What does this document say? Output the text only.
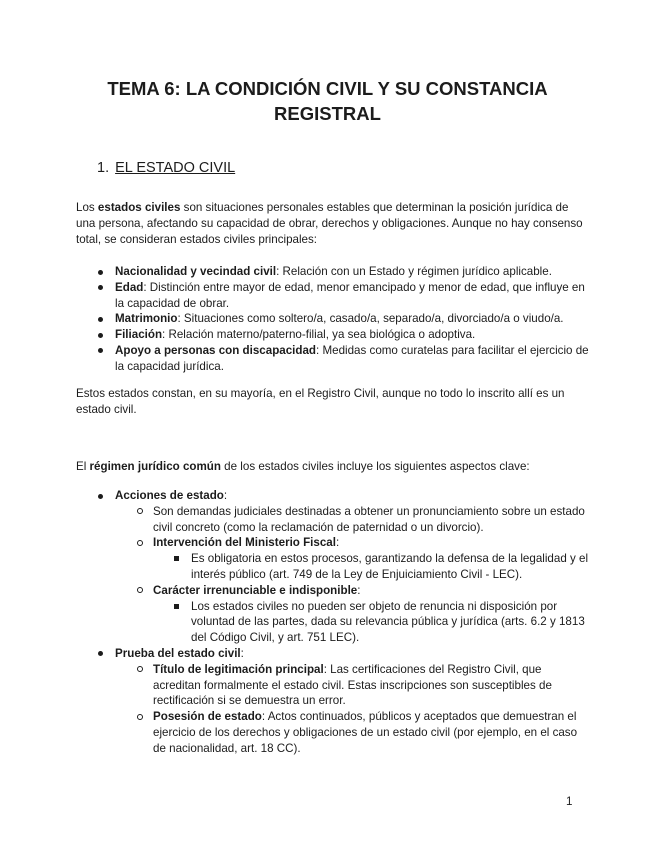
TEMA 6: LA CONDICIÓN CIVIL Y SU CONSTANCIA REGISTRAL
1. EL ESTADO CIVIL

Los estados civiles son situaciones personales estables que determinan la posición jurídica de una persona, afectando su capacidad de obrar, derechos y obligaciones. Aunque no hay consenso total, se consideran estados civiles principales:

Nacionalidad y vecindad civil: Relación con un Estado y régimen jurídico aplicable.
Edad: Distinción entre mayor de edad, menor emancipado y menor de edad, que influye en la capacidad de obrar.
Matrimonio: Situaciones como soltero/a, casado/a, separado/a, divorciado/a o viudo/a.
Filiación: Relación materno/paterno-filial, ya sea biológica o adoptiva.
Apoyo a personas con discapacidad: Medidas como curatelas para facilitar el ejercicio de la capacidad jurídica.

Estos estados constan, en su mayoría, en el Registro Civil, aunque no todo lo inscrito allí es un estado civil.

El régimen jurídico común de los estados civiles incluye los siguientes aspectos clave:

Acciones de estado:
Son demandas judiciales destinadas a obtener un pronunciamiento sobre un estado civil concreto (como la reclamación de paternidad o un divorcio).
Intervención del Ministerio Fiscal:
Es obligatoria en estos procesos, garantizando la defensa de la legalidad y el interés público (art. 749 de la Ley de Enjuiciamiento Civil - LEC).
Carácter irrenunciable e indisponible:
Los estados civiles no pueden ser objeto de renuncia ni disposición por voluntad de las partes, dada su relevancia pública y jurídica (arts. 6.2 y 1813 del Código Civil, y art. 751 LEC).
Prueba del estado civil:
Título de legitimación principal: Las certificaciones del Registro Civil, que acreditan formalmente el estado civil. Estas inscripciones son susceptibles de rectificación si se demuestra un error.
Posesión de estado: Actos continuados, públicos y aceptados que demuestran el ejercicio de los derechos y obligaciones de un estado civil (por ejemplo, en el caso de nacionalidad, art. 18 CC).
1
